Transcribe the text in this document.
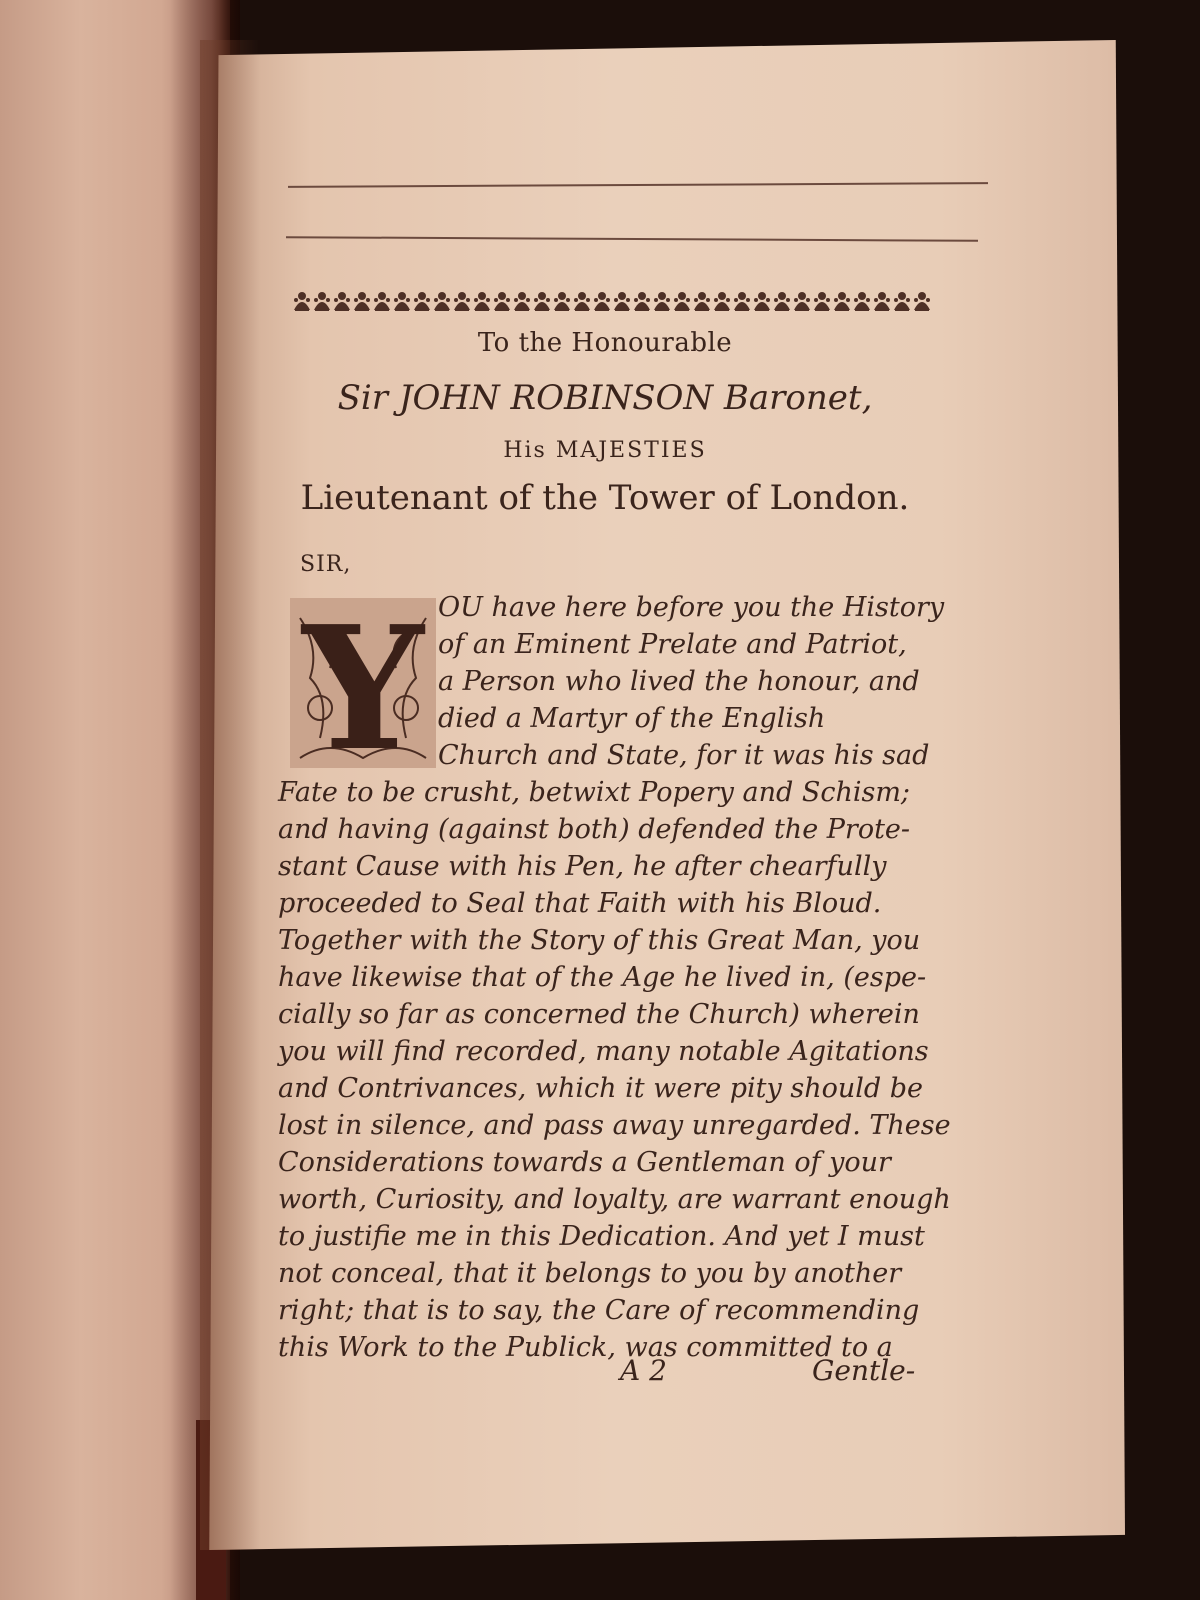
To the Honourable

Sir JOHN ROBINSON Baronet,

His MAJESTIES

Lieutenant of the Tower of London.

SIR,

Y OU have here before you the History

of an Eminent Prelate and Patriot,

a Person who lived the honour, and

died a Martyr of the English

Church and State, for it was his sad

Fate to be crusht, betwixt Popery and Schism;

and having (against both) defended the Prote-

stant Cause with his Pen, he after chearfully

proceeded to Seal that Faith with his Bloud.

Together with the Story of this Great Man, you

have likewise that of the Age he lived in, (espe-

cially so far as concerned the Church) wherein

you will find recorded, many notable Agitations

and Contrivances, which it were pity should be

lost in silence, and pass away unregarded. These

Considerations towards a Gentleman of your

worth, Curiosity, and loyalty, are warrant enough

to justifie me in this Dedication. And yet I must

not conceal, that it belongs to you by another

right; that is to say, the Care of recommending

this Work to the Publick, was committed to a

A 2	Gentle-
